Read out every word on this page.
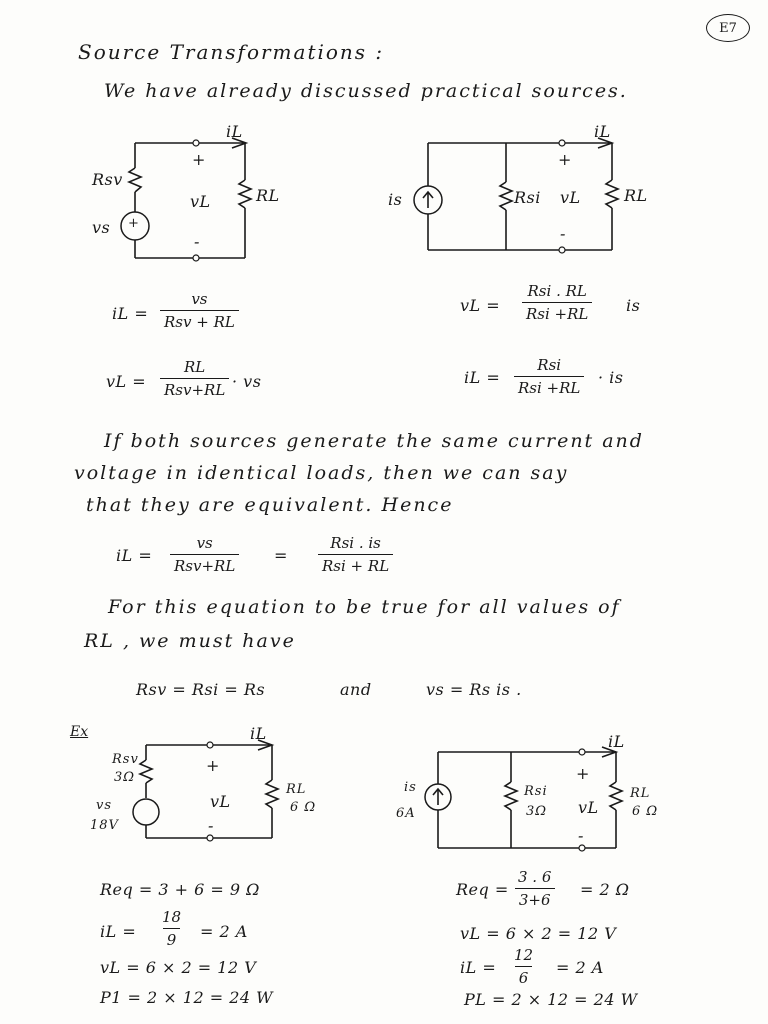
E7
Source Transformations :
We have already discussed practical sources.
Rsv
vs +
iL
+
vL
-
RL	is	Rsi
iL
+
vL
-
RL
iL =
vs
Rsv + RL
vL =
RL
Rsv+RL · vs
vL =
Rsi . RL
Rsi +RL is
iL =
Rsi
Rsi +RL
· is
If both sources generate the same current and
voltage in identical loads, then we can say
that they are equivalent. Hence
iL =
vs
Rsv+RL
=
Rsi . is
Rsi + RL
For this equation to be true for all values of
RL , we must have
Rsv = Rsi = Rs	and	vs = Rs is .
Ex
Rsv
3Ω
vs
18V
iL
+
vL
-
RL
6 Ω
is
6A
Rsi
3Ω
iL
+
vL
-
RL
6 Ω
Req = 3 + 6 = 9 Ω
iL = $\frac{18}{9} = 2$ A
vL = 6 × 2 = 12 V
P1 = 2 × 12 = 24 W
Req = $\frac{3 . 6}{3+6} = 2$ Ω
vL = 6 × 2 = 12 V
iL = $\frac{12}{6} = 2$ A
PL = 2 × 12 = 24 W
